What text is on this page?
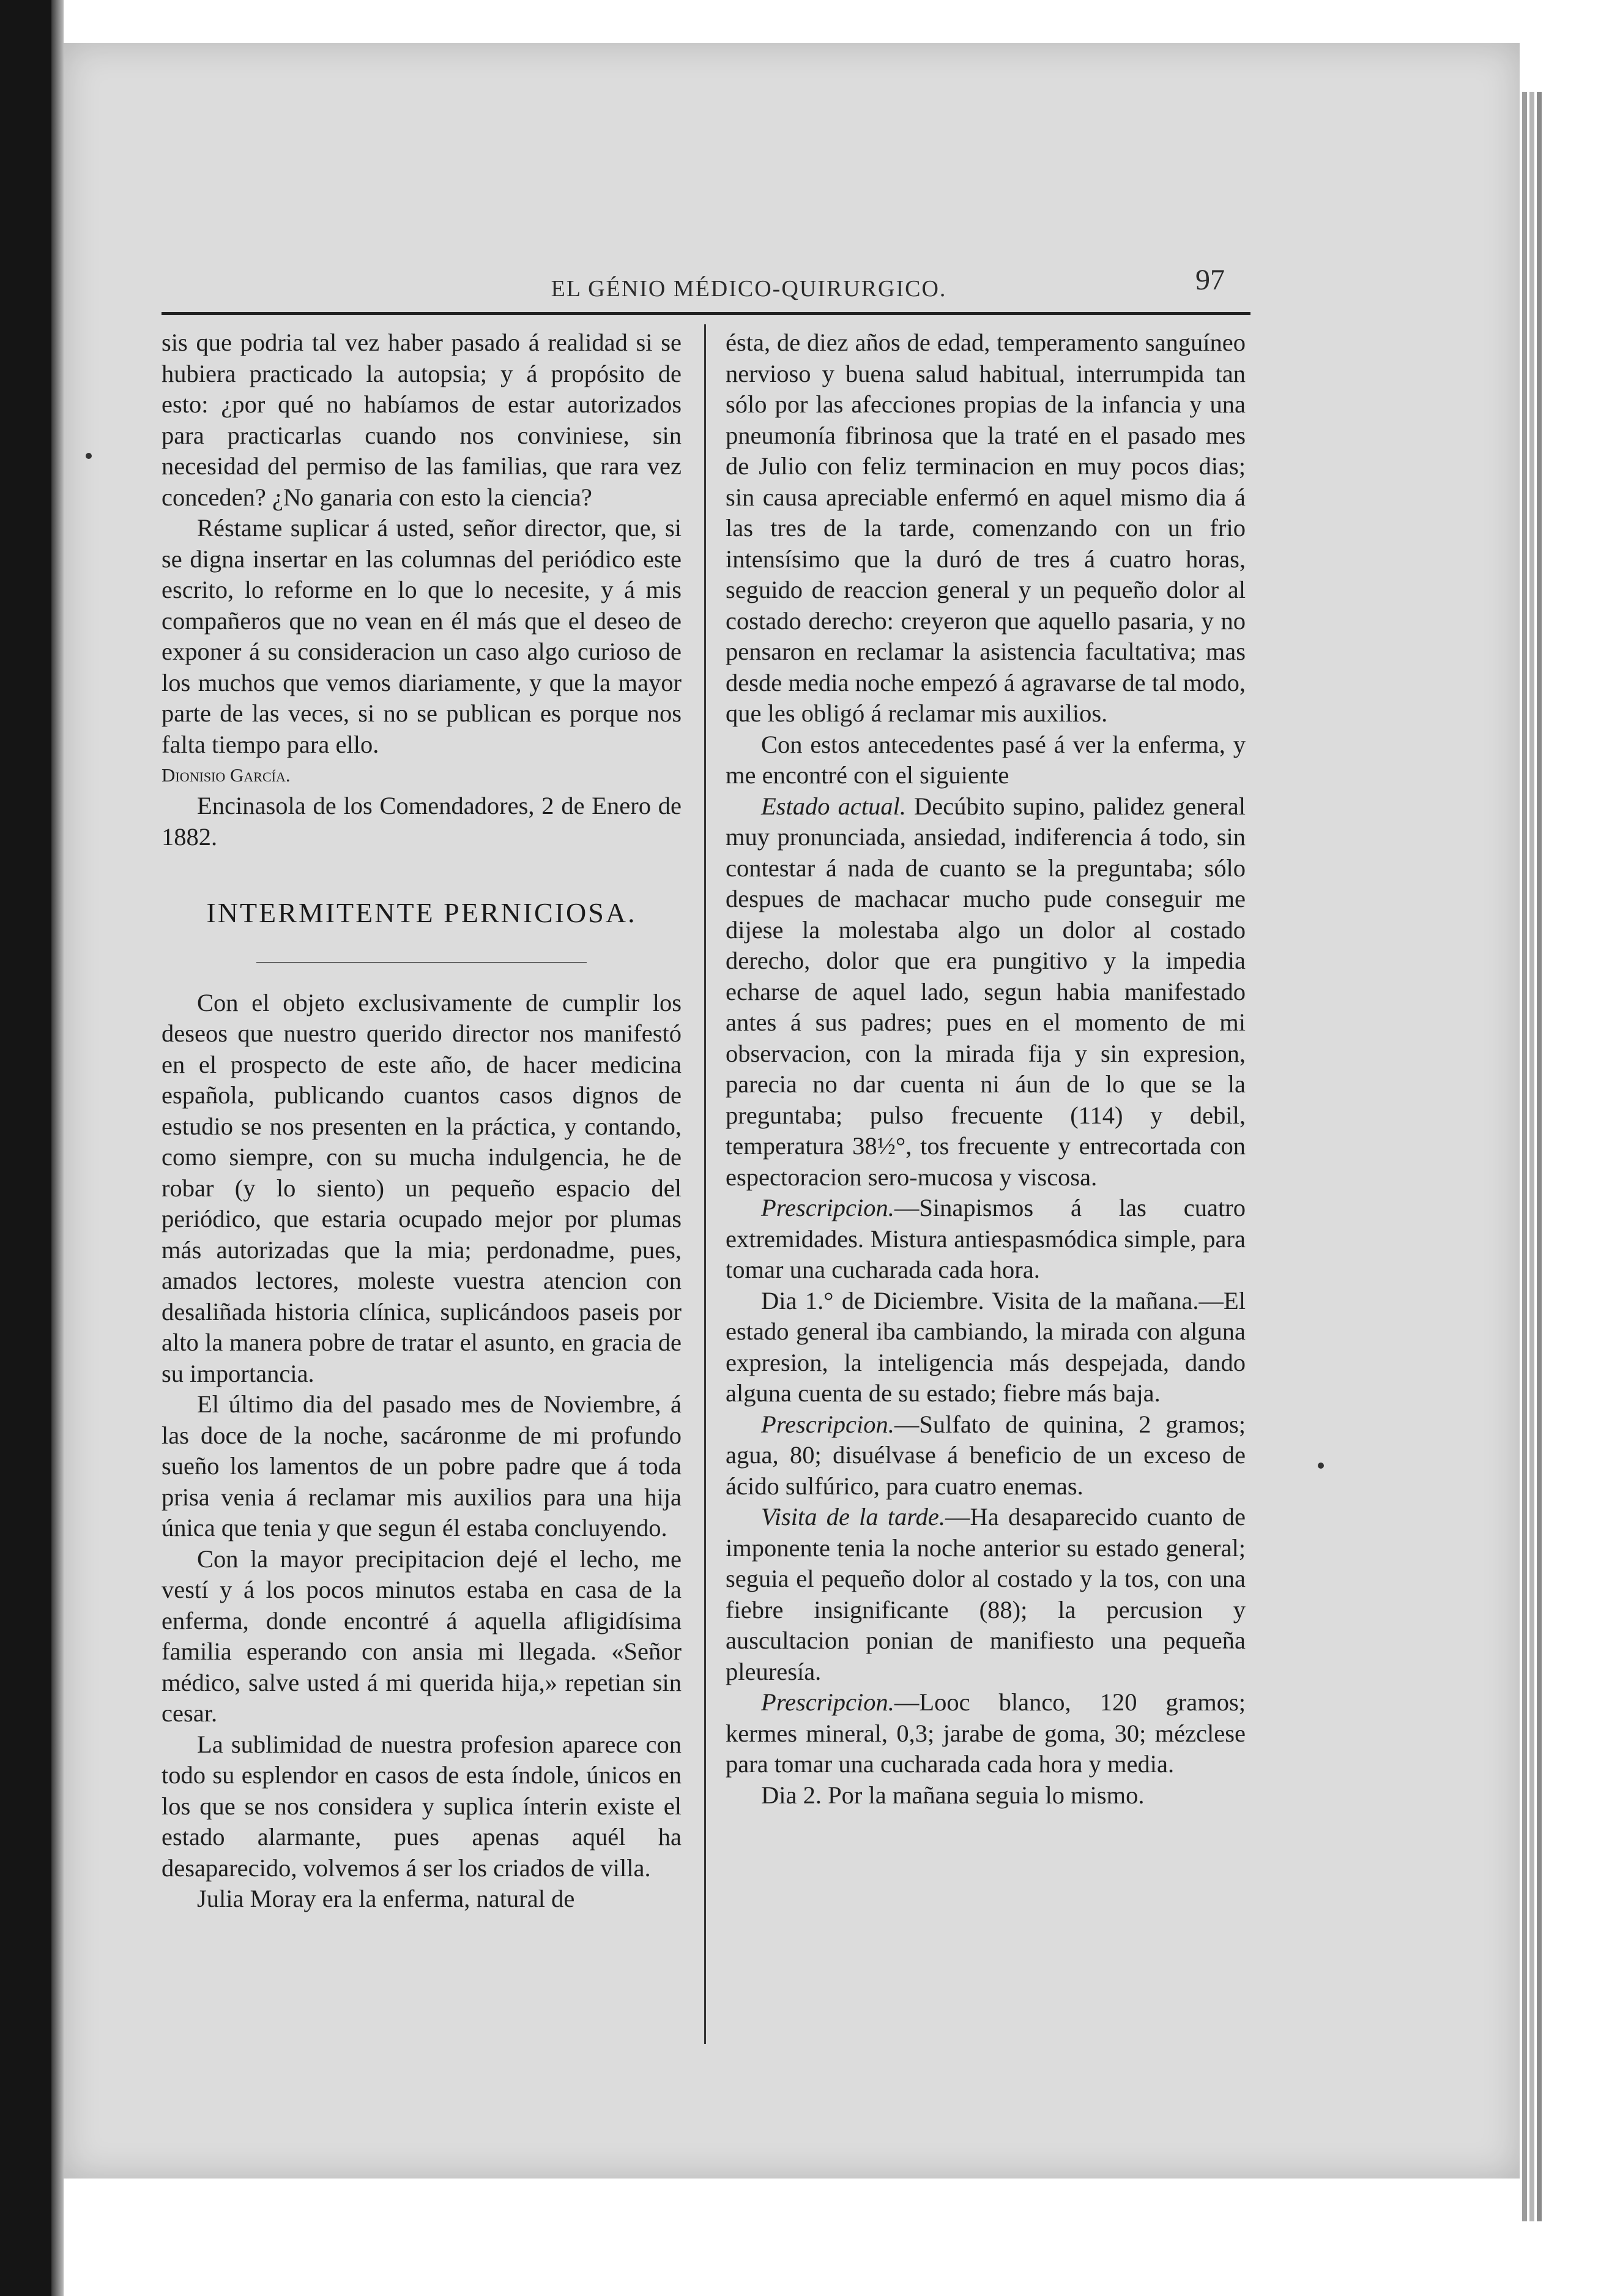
EL GÉNIO MÉDICO-QUIRURGICO.	97

sis que podria tal vez haber pasado á realidad si se hubiera practicado la autopsia; y á propósito de esto: ¿por qué no habíamos de estar autorizados para practicarlas cuando nos conviniese, sin necesidad del permiso de las familias, que rara vez conceden? ¿No ganaria con esto la ciencia?

Réstame suplicar á usted, señor director, que, si se digna insertar en las columnas del periódico este escrito, lo reforme en lo que lo necesite, y á mis compañeros que no vean en él más que el deseo de exponer á su consideracion un caso algo curioso de los muchos que vemos diariamente, y que la mayor parte de las veces, si no se publican es porque nos falta tiempo para ello.

Dionisio García.

Encinasola de los Comendadores, 2 de Enero de 1882.

INTERMITENTE PERNICIOSA.

Con el objeto exclusivamente de cumplir los deseos que nuestro querido director nos manifestó en el prospecto de este año, de hacer medicina española, publicando cuantos casos dignos de estudio se nos presenten en la práctica, y contando, como siempre, con su mucha indulgencia, he de robar (y lo siento) un pequeño espacio del periódico, que estaria ocupado mejor por plumas más autorizadas que la mia; perdonadme, pues, amados lectores, moleste vuestra atencion con desaliñada historia clínica, suplicándoos paseis por alto la manera pobre de tratar el asunto, en gracia de su importancia.

El último dia del pasado mes de Noviembre, á las doce de la noche, sacáronme de mi profundo sueño los lamentos de un pobre padre que á toda prisa venia á reclamar mis auxilios para una hija única que tenia y que segun él estaba concluyendo.

Con la mayor precipitacion dejé el lecho, me vestí y á los pocos minutos estaba en casa de la enferma, donde encontré á aquella afligidísima familia esperando con ansia mi llegada. «Señor médico, salve usted á mi querida hija,» repetian sin cesar.

La sublimidad de nuestra profesion aparece con todo su esplendor en casos de esta índole, únicos en los que se nos considera y suplica ínterin existe el estado alarmante, pues apenas aquél ha desaparecido, volvemos á ser los criados de villa.

Julia Moray era la enferma, natural de

ésta, de diez años de edad, temperamento sanguíneo nervioso y buena salud habitual, interrumpida tan sólo por las afecciones propias de la infancia y una pneumonía fibrinosa que la traté en el pasado mes de Julio con feliz terminacion en muy pocos dias; sin causa apreciable enfermó en aquel mismo dia á las tres de la tarde, comenzando con un frio intensísimo que la duró de tres á cuatro horas, seguido de reaccion general y un pequeño dolor al costado derecho: creyeron que aquello pasaria, y no pensaron en reclamar la asistencia facultativa; mas desde media noche empezó á agravarse de tal modo, que les obligó á reclamar mis auxilios.

Con estos antecedentes pasé á ver la enferma, y me encontré con el siguiente

Estado actual. Decúbito supino, palidez general muy pronunciada, ansiedad, indiferencia á todo, sin contestar á nada de cuanto se la preguntaba; sólo despues de machacar mucho pude conseguir me dijese la molestaba algo un dolor al costado derecho, dolor que era pungitivo y la impedia echarse de aquel lado, segun habia manifestado antes á sus padres; pues en el momento de mi observacion, con la mirada fija y sin expresion, parecia no dar cuenta ni áun de lo que se la preguntaba; pulso frecuente (114) y debil, temperatura 38½°, tos frecuente y entrecortada con espectoracion sero-mucosa y viscosa.

Prescripcion.—Sinapismos á las cuatro extremidades. Mistura antiespasmódica simple, para tomar una cucharada cada hora.

Dia 1.° de Diciembre. Visita de la mañana.—El estado general iba cambiando, la mirada con alguna expresion, la inteligencia más despejada, dando alguna cuenta de su estado; fiebre más baja.

Prescripcion.—Sulfato de quinina, 2 gramos; agua, 80; disuélvase á beneficio de un exceso de ácido sulfúrico, para cuatro enemas.

Visita de la tarde.—Ha desaparecido cuanto de imponente tenia la noche anterior su estado general; seguia el pequeño dolor al costado y la tos, con una fiebre insignificante (88); la percusion y auscultacion ponian de manifiesto una pequeña pleuresía.

Prescripcion.—Looc blanco, 120 gramos; kermes mineral, 0,3; jarabe de goma, 30; mézclese para tomar una cucharada cada hora y media.

Dia 2. Por la mañana seguia lo mismo.
